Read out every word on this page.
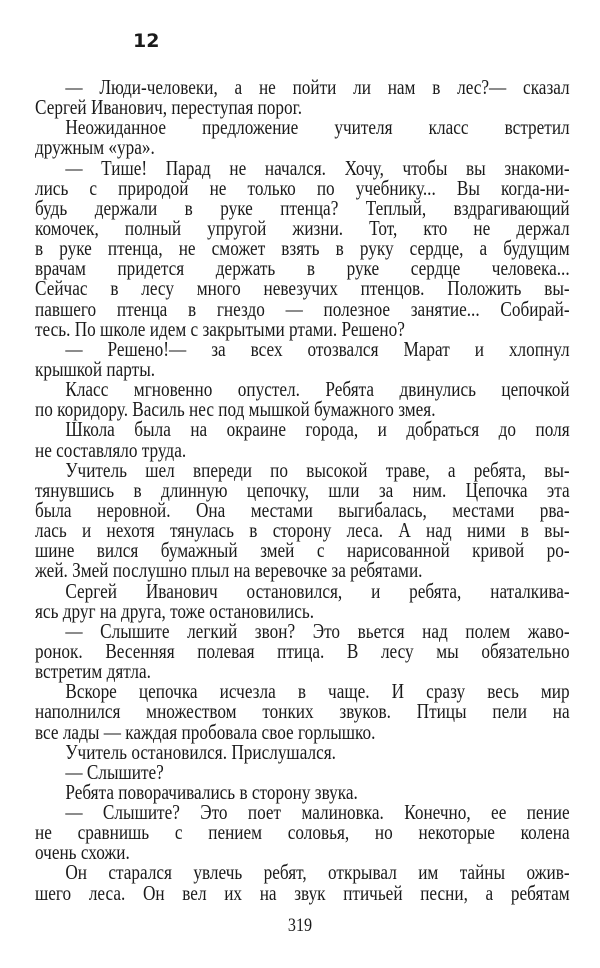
12
— Люди-человеки, а не пойти ли нам в лес?— сказал
Сергей Иванович, переступая порог.
Неожиданное предложение учителя класс встретил
дружным «ура».
— Тише! Парад не начался. Хочу, чтобы вы знакоми-
лись с природой не только по учебнику... Вы когда-ни-
будь держали в руке птенца? Теплый, вздрагивающий
комочек, полный упругой жизни. Тот, кто не держал
в руке птенца, не сможет взять в руку сердце, а будущим
врачам придется держать в руке сердце человека...
Сейчас в лесу много невезучих птенцов. Положить вы-
павшего птенца в гнездо — полезное занятие... Собирай-
тесь. По школе идем с закрытыми ртами. Решено?
— Решено!— за всех отозвался Марат и хлопнул
крышкой парты.
Класс мгновенно опустел. Ребята двинулись цепочкой
по коридору. Василь нес под мышкой бумажного змея.
Школа была на окраине города, и добраться до поля
не составляло труда.
Учитель шел впереди по высокой траве, а ребята, вы-
тянувшись в длинную цепочку, шли за ним. Цепочка эта
была неровной. Она местами выгибалась, местами рва-
лась и нехотя тянулась в сторону леса. А над ними в вы-
шине вился бумажный змей с нарисованной кривой ро-
жей. Змей послушно плыл на веревочке за ребятами.
Сергей Иванович остановился, и ребята, наталкива-
ясь друг на друга, тоже остановились.
— Слышите легкий звон? Это вьется над полем жаво-
ронок. Весенняя полевая птица. В лесу мы обязательно
встретим дятла.
Вскоре цепочка исчезла в чаще. И сразу весь мир
наполнился множеством тонких звуков. Птицы пели на
все лады — каждая пробовала свое горлышко.
Учитель остановился. Прислушался.
— Слышите?
Ребята поворачивались в сторону звука.
— Слышите? Это поет малиновка. Конечно, ее пение
не сравнишь с пением соловья, но некоторые колена
очень схожи.
Он старался увлечь ребят, открывал им тайны ожив-
шего леса. Он вел их на звук птичьей песни, а ребятам
319
